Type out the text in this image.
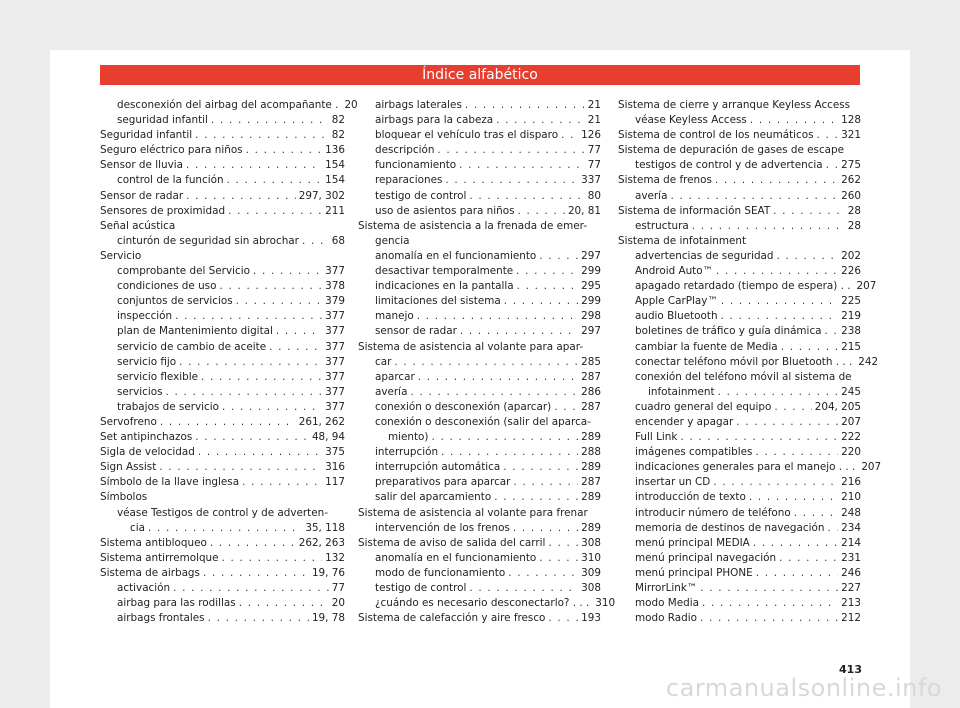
Índice alfabético
desconexión del airbag del acompañante . 20
seguridad infantil . . .	82
Seguridad infantil . . .	82
Seguro eléctrico para niños . . .	136
Sensor de lluvia . . .	154
control de la función . . .	154
Sensor de radar . . .	297, 302
Sensores de proximidad . . .	211
Señal acústica
cinturón de seguridad sin abrochar . . .	68
Servicio
comprobante del Servicio . . .	377
condiciones de uso . . .	378
conjuntos de servicios . . .	379
inspección . . .	377
plan de Mantenimiento digital . . .	377
servicio de cambio de aceite . . .	377
servicio fijo . . .	377
servicio flexible . . .	377
servicios . . .	377
trabajos de servicio . . .	377
Servofreno . . .	261, 262
Set antipinchazos . . .	48, 94
Sigla de velocidad . . .	375
Sign Assist . . .	316
Símbolo de la llave inglesa . . .	117
Símbolos
véase Testigos de control y de adverten-
cia . . .	35, 118
Sistema antibloqueo . . .	262, 263
Sistema antirremolque . . .	132
Sistema de airbags . . .	19, 76
activación . . .	77
airbag para las rodillas . . .	20
airbags frontales . . .	19, 78
airbags laterales . . .	21
airbags para la cabeza . . .	21
bloquear el vehículo tras el disparo . . . 126
descripción . . .	77
funcionamiento . . .	77
reparaciones . . .	337
testigo de control . . .	80
uso de asientos para niños . . .	20, 81
Sistema de asistencia a la frenada de emer-
gencia
anomalía en el funcionamiento . . .	297
desactivar temporalmente . . .	299
indicaciones en la pantalla . . .	295
limitaciones del sistema . . .	299
manejo . . .	298
sensor de radar . . .	297
Sistema de asistencia al volante para apar-
car . . .	285
aparcar . . .	287
avería . . .	286
conexión o desconexión (aparcar) . . .	287
conexión o desconexión (salir del aparca-
miento) . . .	289
interrupción . . .	288
interrupción automática . . .	289
preparativos para aparcar . . .	287
salir del aparcamiento . . .	289
Sistema de asistencia al volante para frenar
intervención de los frenos . . .	289
Sistema de aviso de salida del carril . . .	308
anomalía en el funcionamiento . . .	310
modo de funcionamiento . . .	309
testigo de control . . .	308
¿cuándo es necesario desconectarlo? . . . 310
Sistema de calefacción y aire fresco . . .	193
Sistema de cierre y arranque Keyless Access
véase Keyless Access . . .	128
Sistema de control de los neumáticos . . .	321
Sistema de depuración de gases de escape
testigos de control y de advertencia . . . 275
Sistema de frenos . . .	262
avería . . .	260
Sistema de información SEAT . . .	28
estructura . . .	28
Sistema de infotainment
advertencias de seguridad . . .	202
Android Auto™ . . .	226
apagado retardado (tiempo de espera) . . 207
Apple CarPlay™ . . .	225
audio Bluetooth . . .	219
boletines de tráfico y guía dinámica . . . 238
cambiar la fuente de Media . . .	215
conectar teléfono móvil por Bluetooth . . . 242
conexión del teléfono móvil al sistema de
infotainment . . .	245
cuadro general del equipo . . .	204, 205
encender y apagar . . .	207
Full Link . . .	222
imágenes compatibles . . .	220
indicaciones generales para el manejo . . . 207
insertar un CD . . .	216
introducción de texto . . .	210
introducir número de teléfono . . .	248
memoria de destinos de navegación . . . 234
menú principal MEDIA . . .	214
menú principal navegación . . .	231
menú principal PHONE . . .	246
MirrorLink™ . . .	227
modo Media . . .	213
modo Radio . . .	212
413
carmanualsonline.info
